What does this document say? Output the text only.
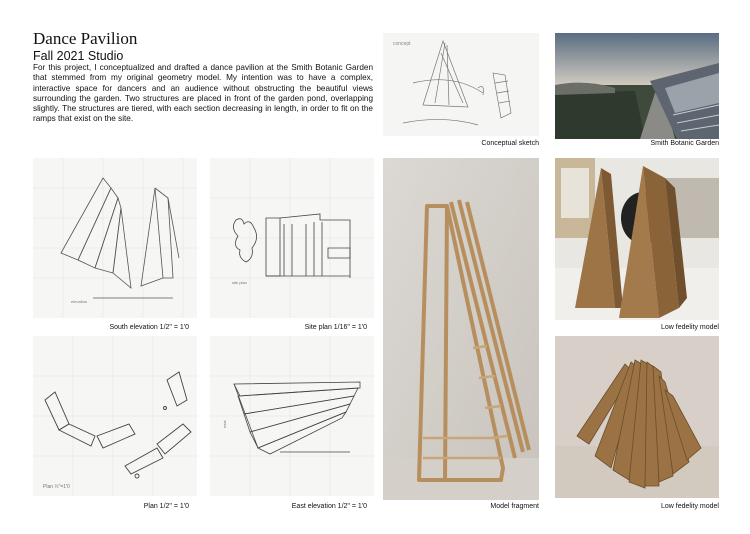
Dance Pavilion
Fall 2021 Studio
For this project, I conceptualized and drafted a dance pavilion at the Smith Botanic Garden that stemmed from my original geometry model. My intention was to have a complex, interactive space for dancers and an audience without obstructing the beautiful views surrounding the garden. Two structures are placed in front of the garden pond, overlapping slightly. The structures are tiered, with each section decreasing in length, in order to fit on the ramps that exist on the site.
concept
Conceptual sketch	Smith Botanic Garden
elevation
South elevation 1/2" = 1'0
site plan
Site plan 1/16" = 1'0
Plan ½"=1'0
Plan 1/2" = 1'0
east
East elevation 1/2" = 1'0	Model fragment
Low fedelity model
Low fedelity model
